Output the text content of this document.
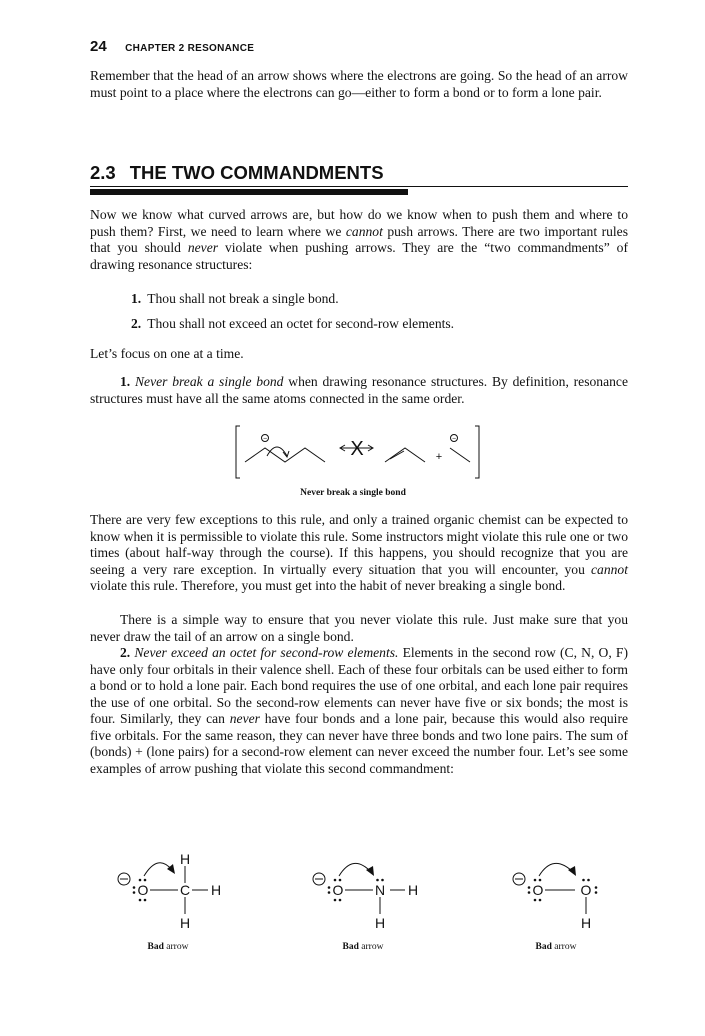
24 CHAPTER 2 RESONANCE

Remember that the head of an arrow shows where the electrons are going. So the head of an arrow must point to a place where the electrons can go—either to form a bond or to form a lone pair.

2.3 THE TWO COMMANDMENTS

Now we know what curved arrows are, but how do we know when to push them and where to push them? First, we need to learn where we cannot push arrows. There are two important rules that you should never violate when pushing arrows. They are the “two commandments” of drawing resonance structures:

1. Thou shall not break a single bond.
2. Thou shall not exceed an octet for second-row elements.

Let’s focus on one at a time.

1. Never break a single bond when drawing resonance structures. By definition, resonance structures must have all the same atoms connected in the same order.

−	−
X	+
Never break a single bond

There are very few exceptions to this rule, and only a trained organic chemist can be expected to know when it is permissible to violate this rule. Some instructors might violate this rule one or two times (about half-way through the course). If this happens, you should recognize that you are seeing a very rare exception. In virtually every situation that you will encounter, you cannot violate this rule. Therefore, you must get into the habit of never breaking a single bond.

There is a simple way to ensure that you never violate this rule. Just make sure that you never draw the tail of an arrow on a single bond.

2. Never exceed an octet for second-row elements. Elements in the second row (C, N, O, F) have only four orbitals in their valence shell. Each of these four orbitals can be used either to form a bond or to hold a lone pair. Each bond requires the use of one orbital, and each lone pair requires the use of one orbital. So the second-row elements can never have five or six bonds; the most is four. Similarly, they can never have four bonds and a lone pair, because this would also require five orbitals. For the same reason, they can never have three bonds and two lone pairs. The sum of (bonds) + (lone pairs) for a second-row element can never exceed the number four. Let’s see some examples of arrow pushing that violate this second commandment:

O C
H
H
H
Bad arrow
O N
H
H
Bad arrow
O	O
H
Bad arrow
